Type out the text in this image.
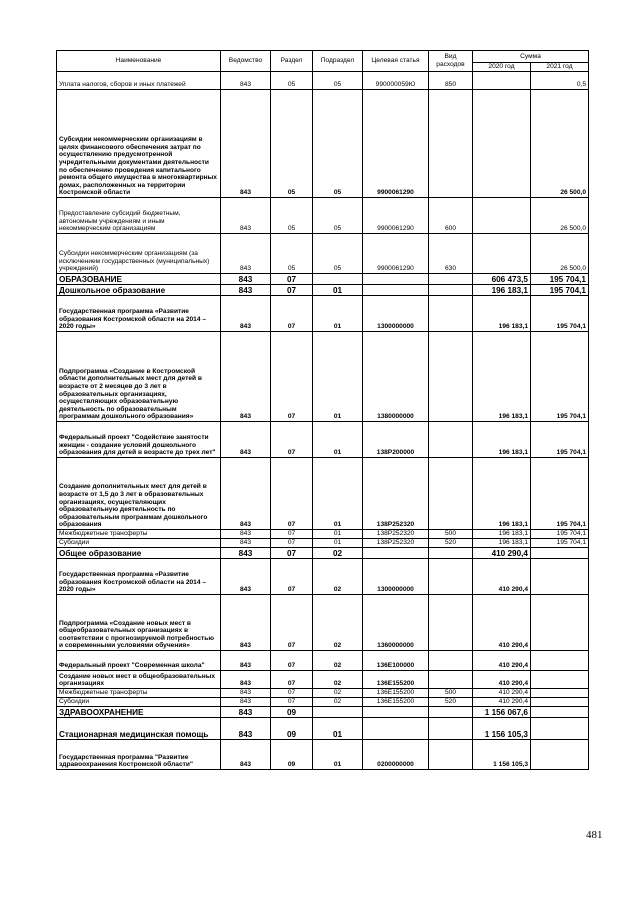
Наименование	Ведомство	Раздел	Подраздел	Целевая статья	Вид расходов	Сумма	
						2020 год	2021 год
Уплата налогов, сборов и иных платежей	843	05	05	990000059Ю	850		0,5
Субсидии некоммерческим организациям в целях финансового обеспечения затрат по осуществлению предусмотренной учредительными документами деятельности по обеспечению проведения капитального ремонта общего имущества в многоквартирных домах, расположенных на территории Костромской области	843	05	05	9900061290			26 500,0
Предоставление субсидий бюджетным, автономным учреждениям и иным некоммерческим организациям	843	05	05	9900061290	600		26 500,0
Субсидии некоммерческим организациям (за исключением государственных (муниципальных) учреждений)	843	05	05	9900061290	630		26 500,0
ОБРАЗОВАНИЕ	843	07				606 473,5	195 704,1
Дошкольное образование	843	07	01			196 183,1	195 704,1
Государственная программа «Развитие образования Костромской области на 2014 – 2020 годы»	843	07	01	1300000000		196 183,1	195 704,1
Подпрограмма «Создание в Костромской области дополнительных мест для детей в возрасте от 2 месяцев до 3 лет в образовательных организациях, осуществляющих образовательную деятельность по образовательным программам дошкольного образования»	843	07	01	1380000000		196 183,1	195 704,1
Федеральный проект "Содействие занятости женщин - создание условий дошкольного образования для детей в возрасте до трех лет"	843	07	01	138P200000		196 183,1	195 704,1
Создание дополнительных мест для детей в возрасте от 1,5 до 3 лет в образовательных организациях, осуществляющих образовательную деятельность по образовательным программам дошкольного образования	843	07	01	138P252320		196 183,1	195 704,1
Межбюджетные трансферты	843	07	01	138P252320	500	196 183,1	195 704,1
Субсидии	843	07	01	138P252320	520	196 183,1	195 704,1
Общее образование	843	07	02			410 290,4	
Государственная программа «Развитие образования Костромской области на 2014 – 2020 годы»	843	07	02	1300000000		410 290,4	
Подпрограмма «Создание новых мест в общеобразовательных организациях в соответствии с прогнозируемой потребностью и современными условиями обучения»	843	07	02	1360000000		410 290,4	
Федеральный проект "Современная школа"	843	07	02	136E100000		410 290,4	
Создание новых мест в общеобразовательных организациях	843	07	02	136E155200		410 290,4	
Межбюджетные трансферты	843	07	02	136E155200	500	410 290,4	
Субсидии	843	07	02	136E155200	520	410 290,4	
ЗДРАВООХРАНЕНИЕ	843	09				1 156 067,6	
Стационарная медицинская помощь	843	09	01			1 156 105,3	
Государственная программа "Развитие здравоохранения Костромской области"	843	09	01	0200000000		1 156 105,3	
481
